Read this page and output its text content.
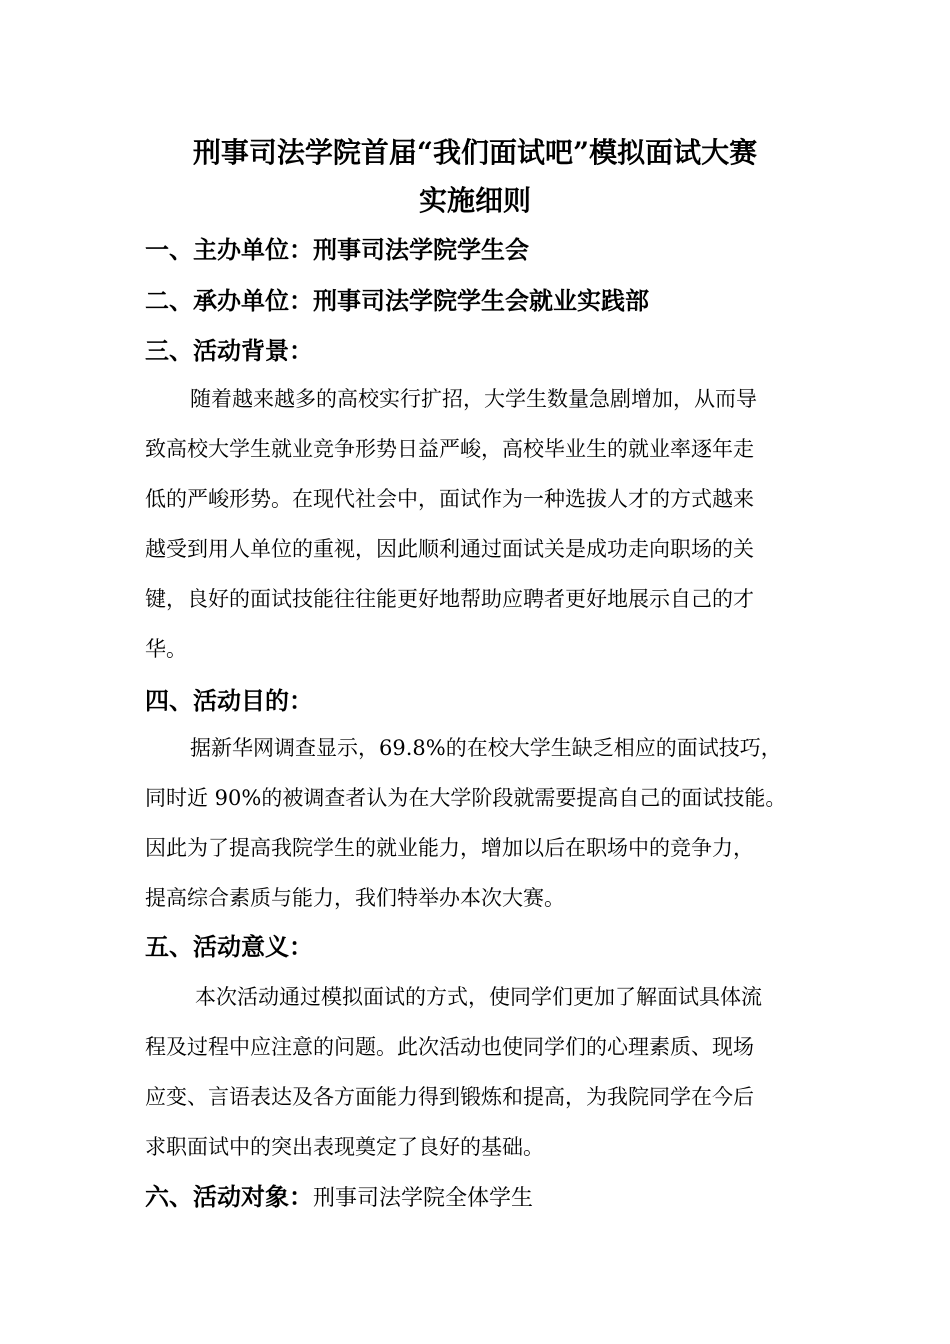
刑事司法学院首届“我们面试吧”模拟面试大赛
实施细则
一、主办单位：刑事司法学院学生会
二、承办单位：刑事司法学院学生会就业实践部
三、活动背景：
随着越来越多的高校实行扩招，大学生数量急剧增加，从而导
致高校大学生就业竞争形势日益严峻，高校毕业生的就业率逐年走
低的严峻形势。在现代社会中，面试作为一种选拔人才的方式越来
越受到用人单位的重视，因此顺利通过面试关是成功走向职场的关
键，良好的面试技能往往能更好地帮助应聘者更好地展示自己的才
华。
四、活动目的：
据新华网调查显示，69.8%的在校大学生缺乏相应的面试技巧，
同时近 90%的被调查者认为在大学阶段就需要提高自己的面试技能。
因此为了提高我院学生的就业能力，增加以后在职场中的竞争力，
提高综合素质与能力，我们特举办本次大赛。
五、活动意义：
本次活动通过模拟面试的方式，使同学们更加了解面试具体流
程及过程中应注意的问题。此次活动也使同学们的心理素质、现场
应变、言语表达及各方面能力得到锻炼和提高，为我院同学在今后
求职面试中的突出表现奠定了良好的基础。
六、活动对象：刑事司法学院全体学生
